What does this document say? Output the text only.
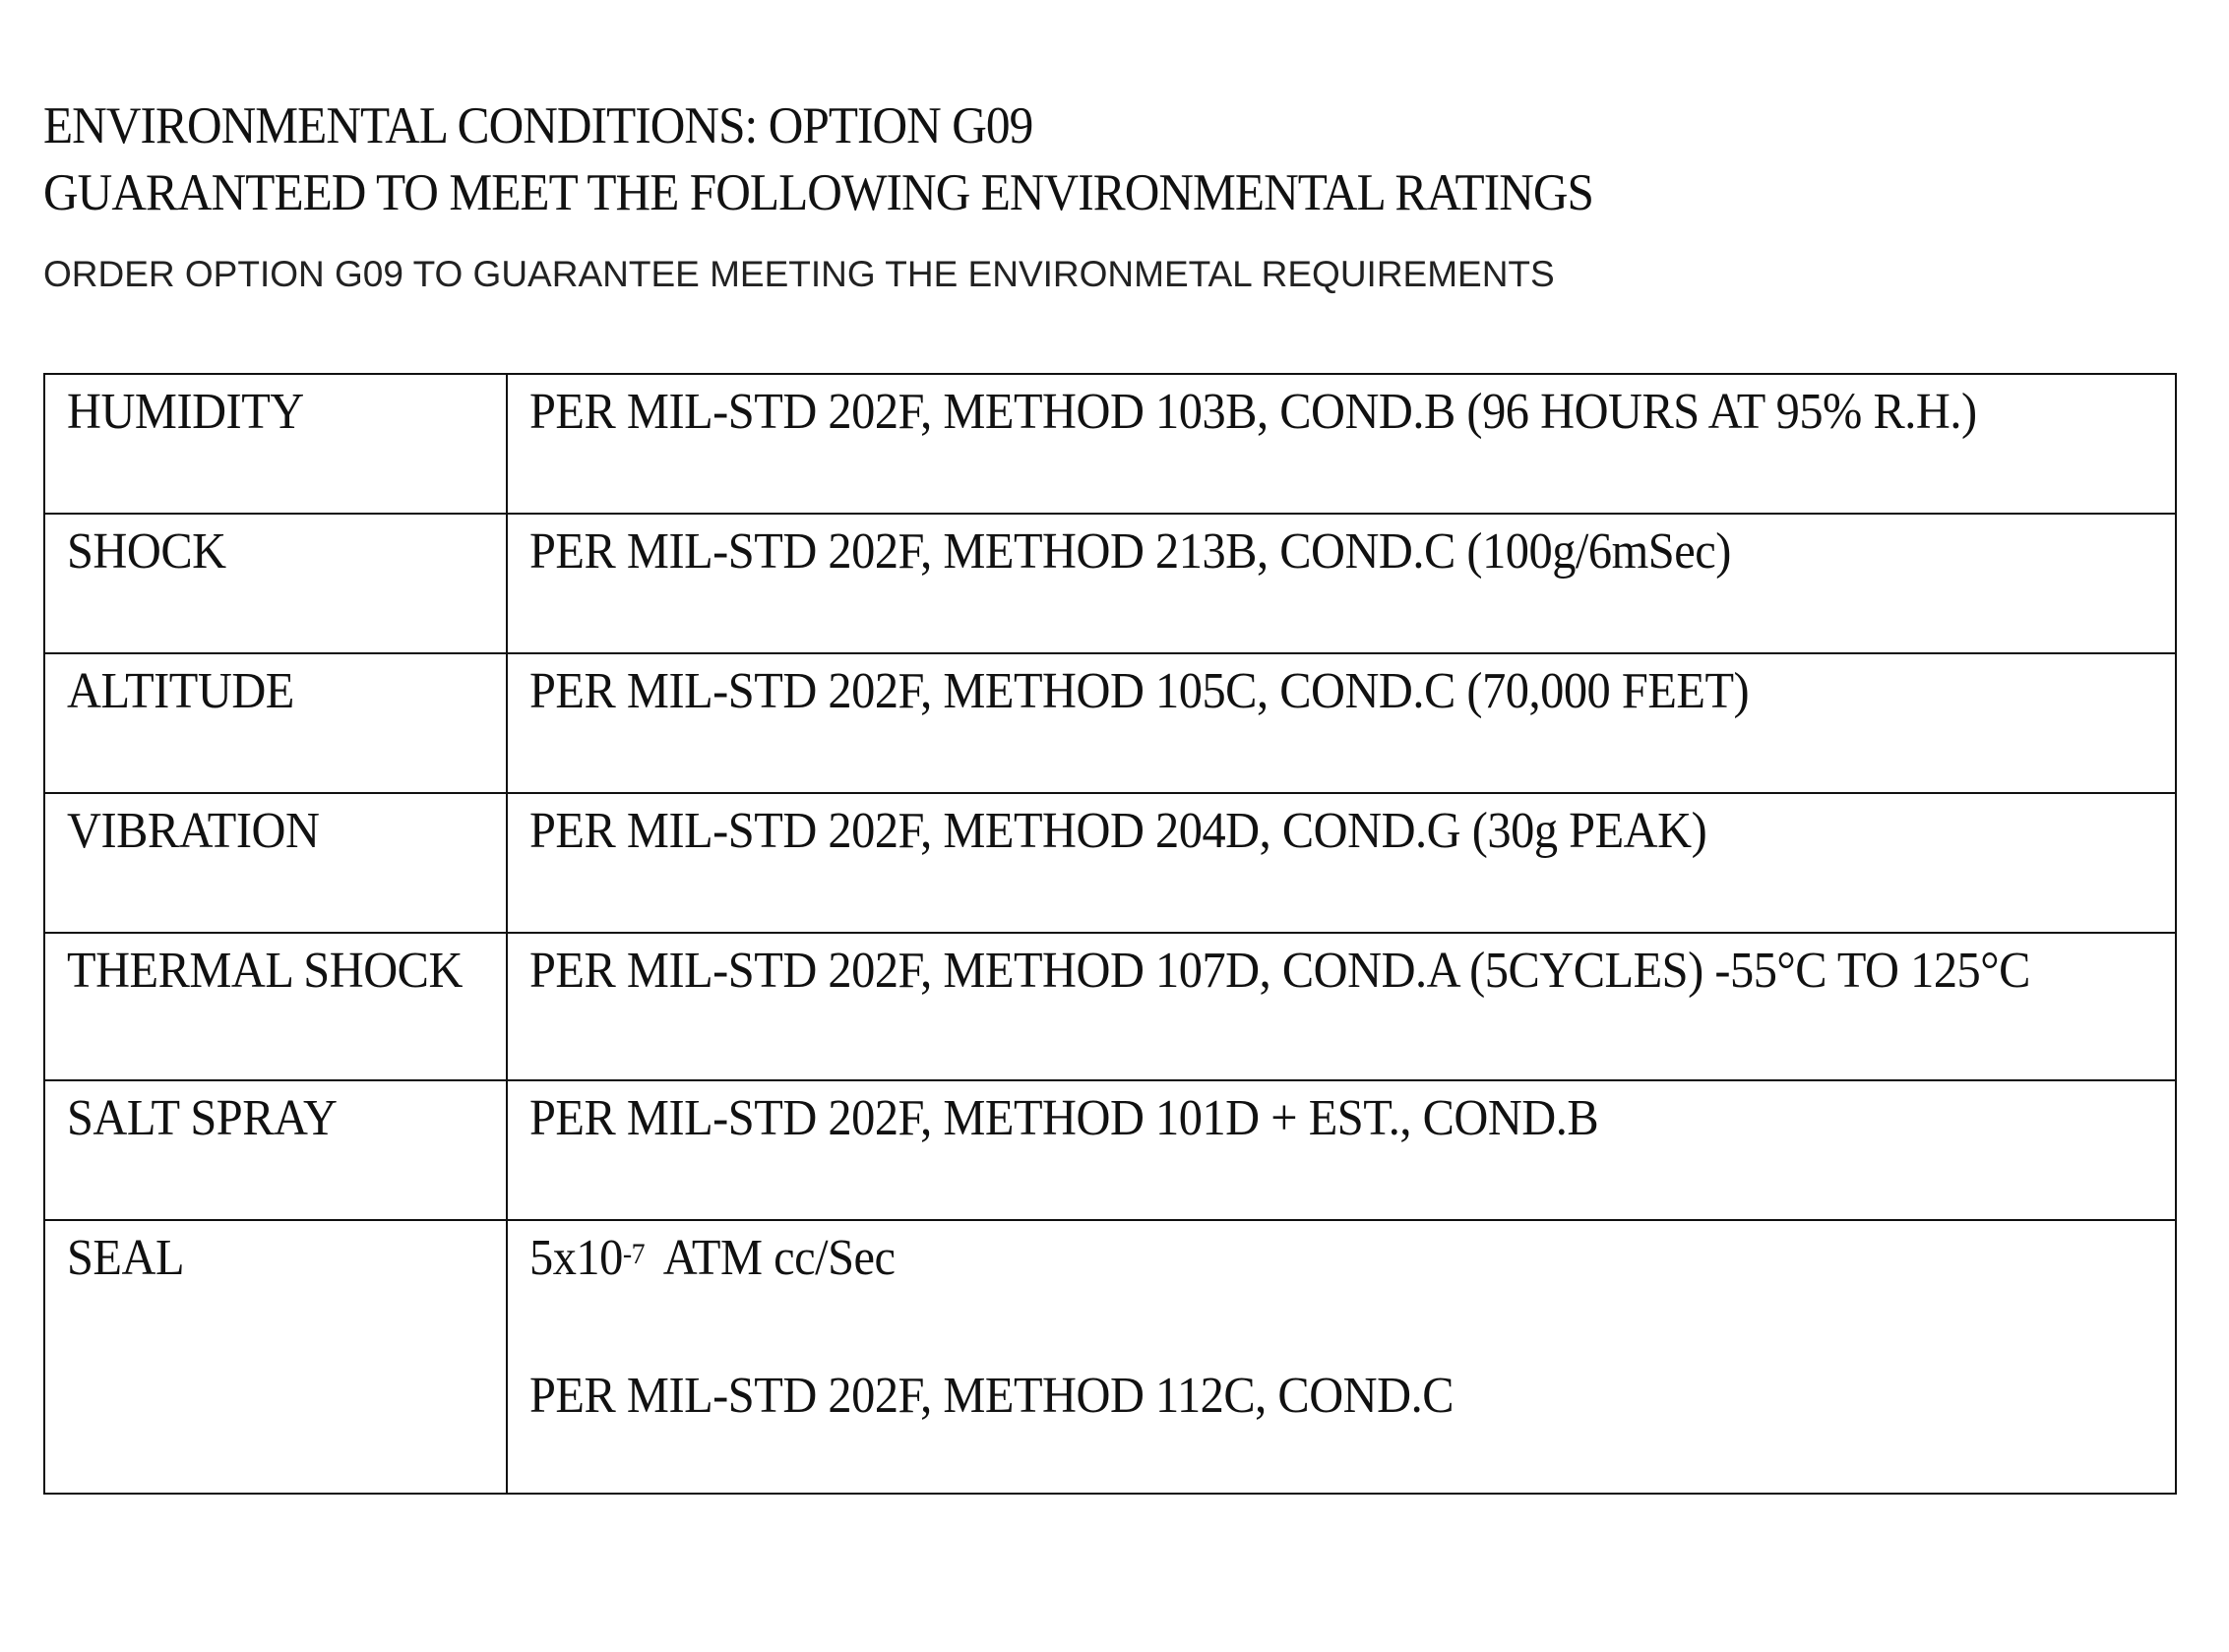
ENVIRONMENTAL CONDITIONS: OPTION G09
GUARANTEED TO MEET THE FOLLOWING ENVIRONMENTAL RATINGS

ORDER OPTION G09 TO GUARANTEE MEETING THE ENVIRONMETAL REQUIREMENTS

HUMIDITY	PER MIL-STD 202F, METHOD 103B, COND.B (96 HOURS AT 95% R.H.)
SHOCK	PER MIL-STD 202F, METHOD 213B, COND.C (100g/6mSec)
ALTITUDE	PER MIL-STD 202F, METHOD 105C, COND.C (70,000 FEET)
VIBRATION	PER MIL-STD 202F, METHOD 204D, COND.G (30g PEAK)
THERMAL SHOCK	PER MIL-STD 202F, METHOD 107D, COND.A (5CYCLES) -55°C TO 125°C
SALT SPRAY	PER MIL-STD 202F, METHOD 101D + EST., COND.B
SEAL	$5x10^{-7}$ ATM cc/Sec
PER MIL-STD 202F, METHOD 112C, COND.C
